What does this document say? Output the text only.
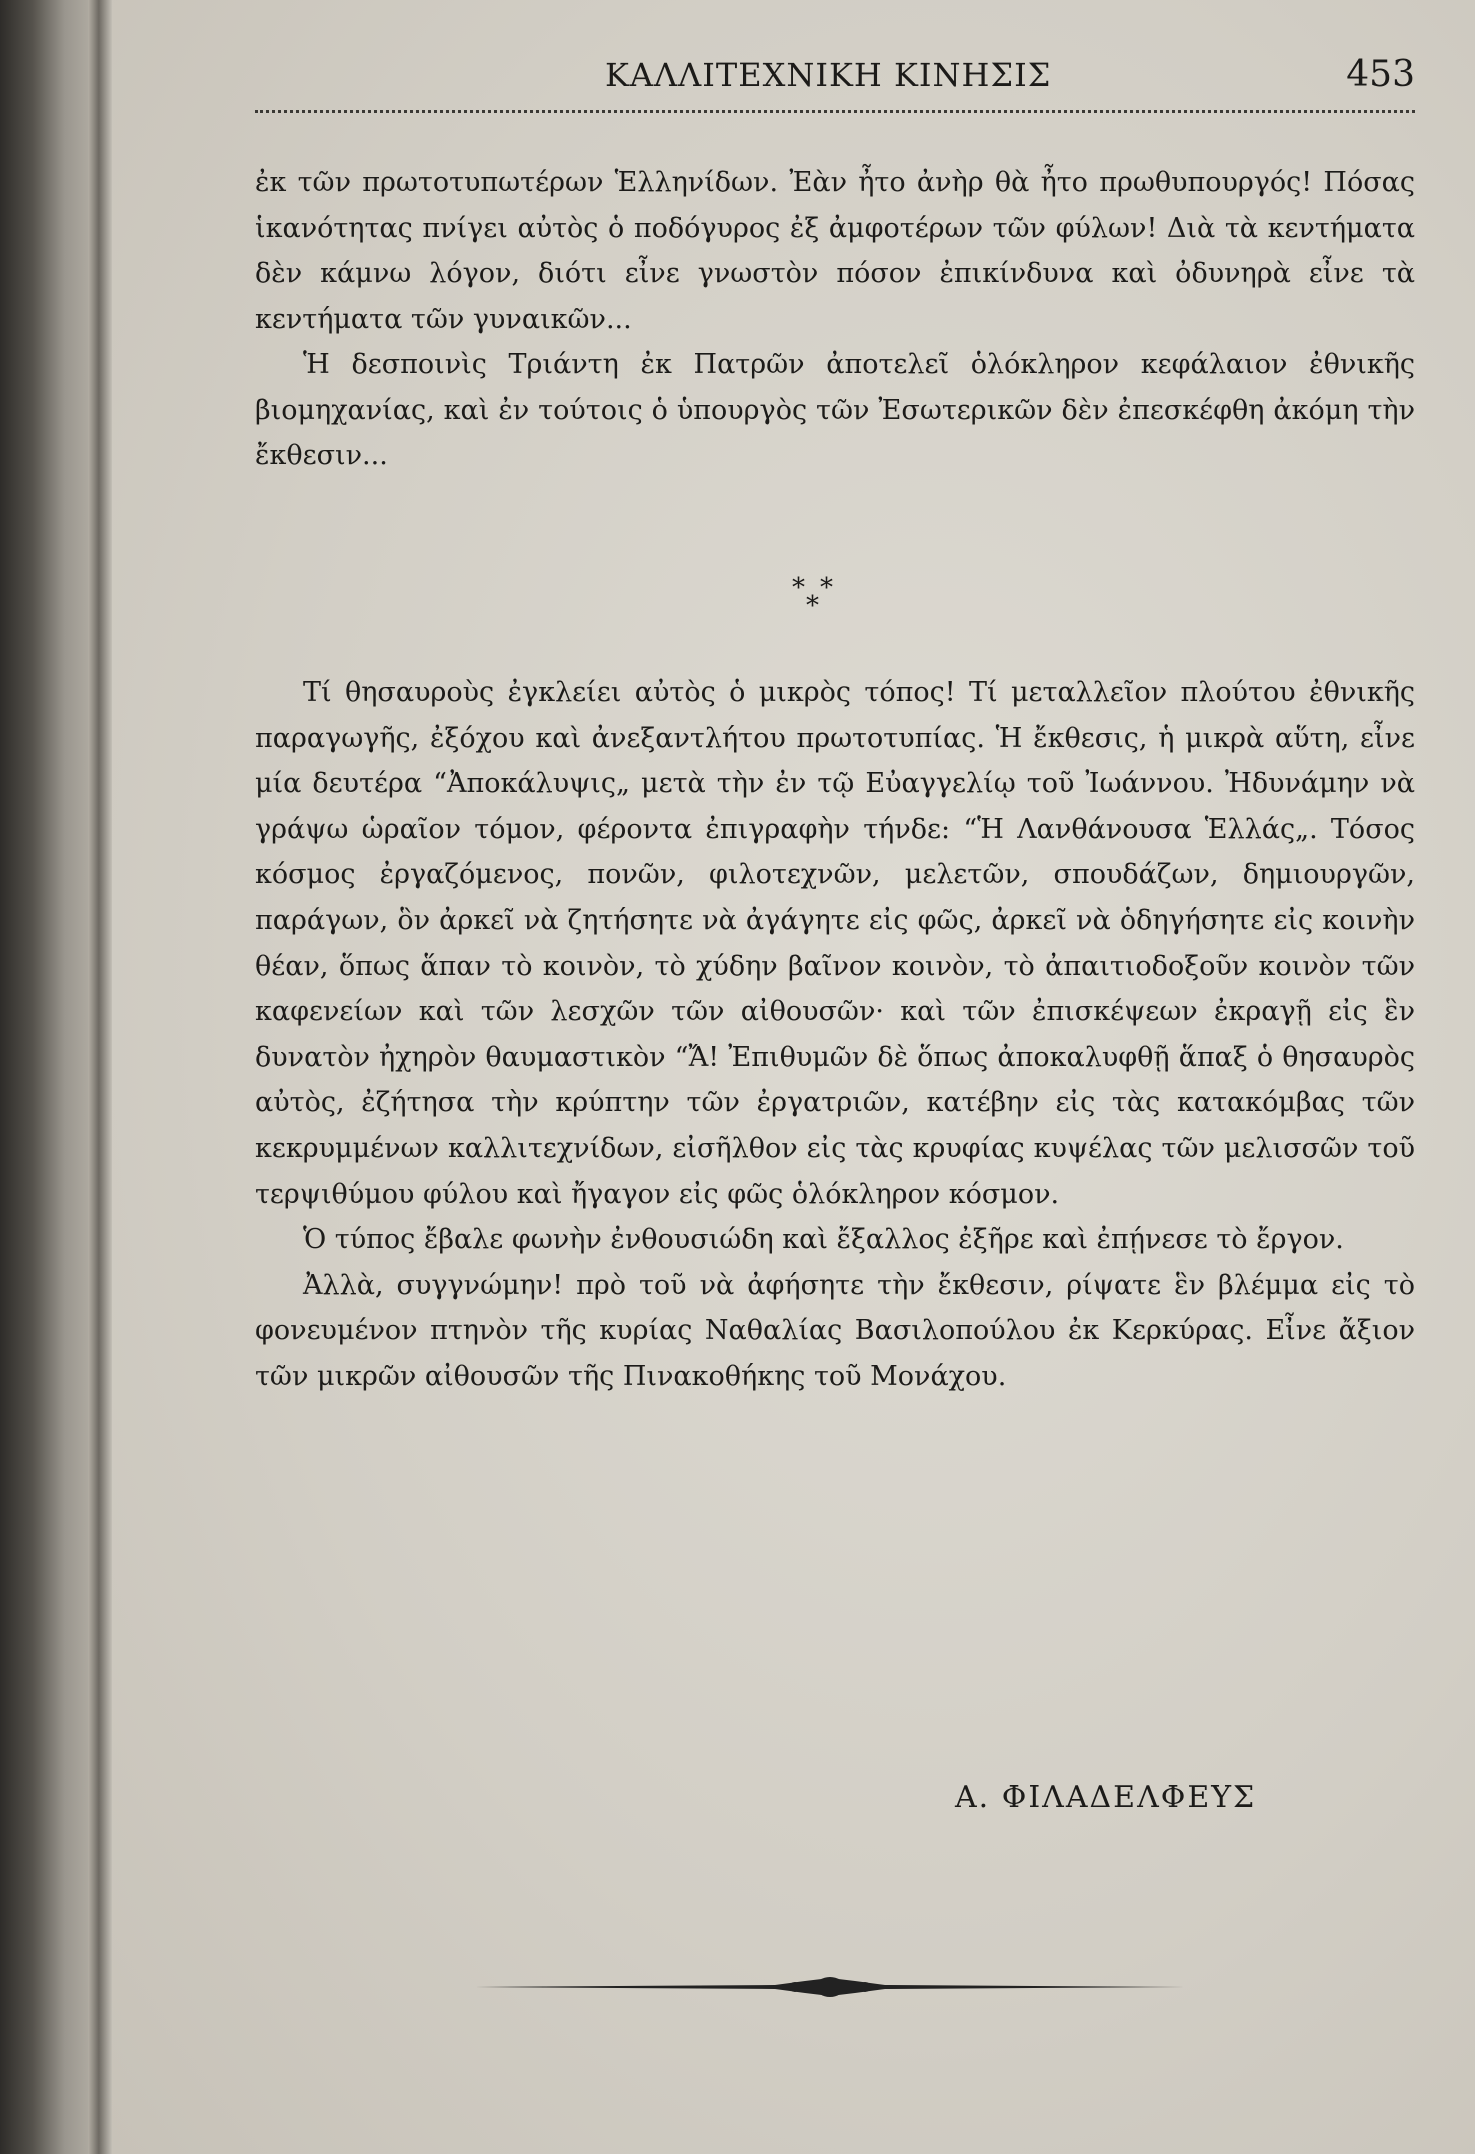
ΚΑΛΛΙΤΕΧΝΙΚΗ ΚΙΝΗΣΙΣ	453

ἐκ τῶν πρωτοτυπωτέρων Ἑλληνίδων. Ἐὰν ἦτο ἀνὴρ θὰ ἦτο πρωθυπουργός! Πόσας ἱκανότητας πνίγει αὐτὸς ὁ ποδόγυρος ἐξ ἀμφοτέρων τῶν φύλων! Διὰ τὰ κεντήματα δὲν κάμνω λόγον, διότι εἶνε γνωστὸν πόσον ἐπικίνδυνα καὶ ὀδυνηρὰ εἶνε τὰ κεντήματα τῶν γυναικῶν...

Ἡ δεσποινὶς Τριάντη ἐκ Πατρῶν ἀποτελεῖ ὁλόκληρον κεφάλαιον ἐθνικῆς βιομηχανίας, καὶ ἐν τούτοις ὁ ὑπουργὸς τῶν Ἐσωτερικῶν δὲν ἐπεσκέφθη ἀκόμη τὴν ἔκθεσιν...

* *
*

Τί θησαυροὺς ἐγκλείει αὐτὸς ὁ μικρὸς τόπος! Τί μεταλλεῖον πλούτου ἐθνικῆς παραγωγῆς, ἐξόχου καὶ ἀνεξαντλήτου πρωτοτυπίας. Ἡ ἔκθεσις, ἡ μικρὰ αὕτη, εἶνε μία δευτέρα “Ἀποκάλυψις„ μετὰ τὴν ἐν τῷ Εὐαγγελίῳ τοῦ Ἰωάννου. Ἠδυνάμην νὰ γράψω ὡραῖον τόμον, φέροντα ἐπιγραφὴν τήνδε: “Ἡ Λανθάνουσα Ἑλλάς„. Τόσος κόσμος ἐργαζόμενος, πονῶν, φιλοτεχνῶν, μελετῶν, σπουδάζων, δημιουργῶν, παράγων, ὃν ἀρκεῖ νὰ ζητήσητε νὰ ἀγάγητε εἰς φῶς, ἀρκεῖ νὰ ὁδηγήσητε εἰς κοινὴν θέαν, ὅπως ἅπαν τὸ κοινὸν, τὸ χύδην βαῖνον κοινὸν, τὸ ἀπαιτιοδοξοῦν κοινὸν τῶν καφενείων καὶ τῶν λεσχῶν τῶν αἰθουσῶν· καὶ τῶν ἐπισκέψεων ἐκραγῇ εἰς ἓν δυνατὸν ἠχηρὸν θαυμαστικὸν “Ἄ! Ἐπιθυμῶν δὲ ὅπως ἀποκαλυφθῇ ἅπαξ ὁ θησαυρὸς αὐτὸς, ἐζήτησα τὴν κρύπτην τῶν ἐργατριῶν, κατέβην εἰς τὰς κατακόμβας τῶν κεκρυμμένων καλλιτεχνίδων, εἰσῆλθον εἰς τὰς κρυφίας κυψέλας τῶν μελισσῶν τοῦ τερψιθύμου φύλου καὶ ἤγαγον εἰς φῶς ὁλόκληρον κόσμον.

Ὁ τύπος ἔβαλε φωνὴν ἐνθουσιώδη καὶ ἔξαλλος ἐξῆρε καὶ ἐπῄνεσε τὸ ἔργον.

Ἀλλὰ, συγγνώμην! πρὸ τοῦ νὰ ἀφήσητε τὴν ἔκθεσιν, ρίψατε ἓν βλέμμα εἰς τὸ φονευμένον πτηνὸν τῆς κυρίας Ναθαλίας Βασιλοπούλου ἐκ Κερκύρας. Εἶνε ἄξιον τῶν μικρῶν αἰθουσῶν τῆς Πινακοθήκης τοῦ Μονάχου.

Α. ΦΙΛΑΔΕΛΦΕΥΣ
